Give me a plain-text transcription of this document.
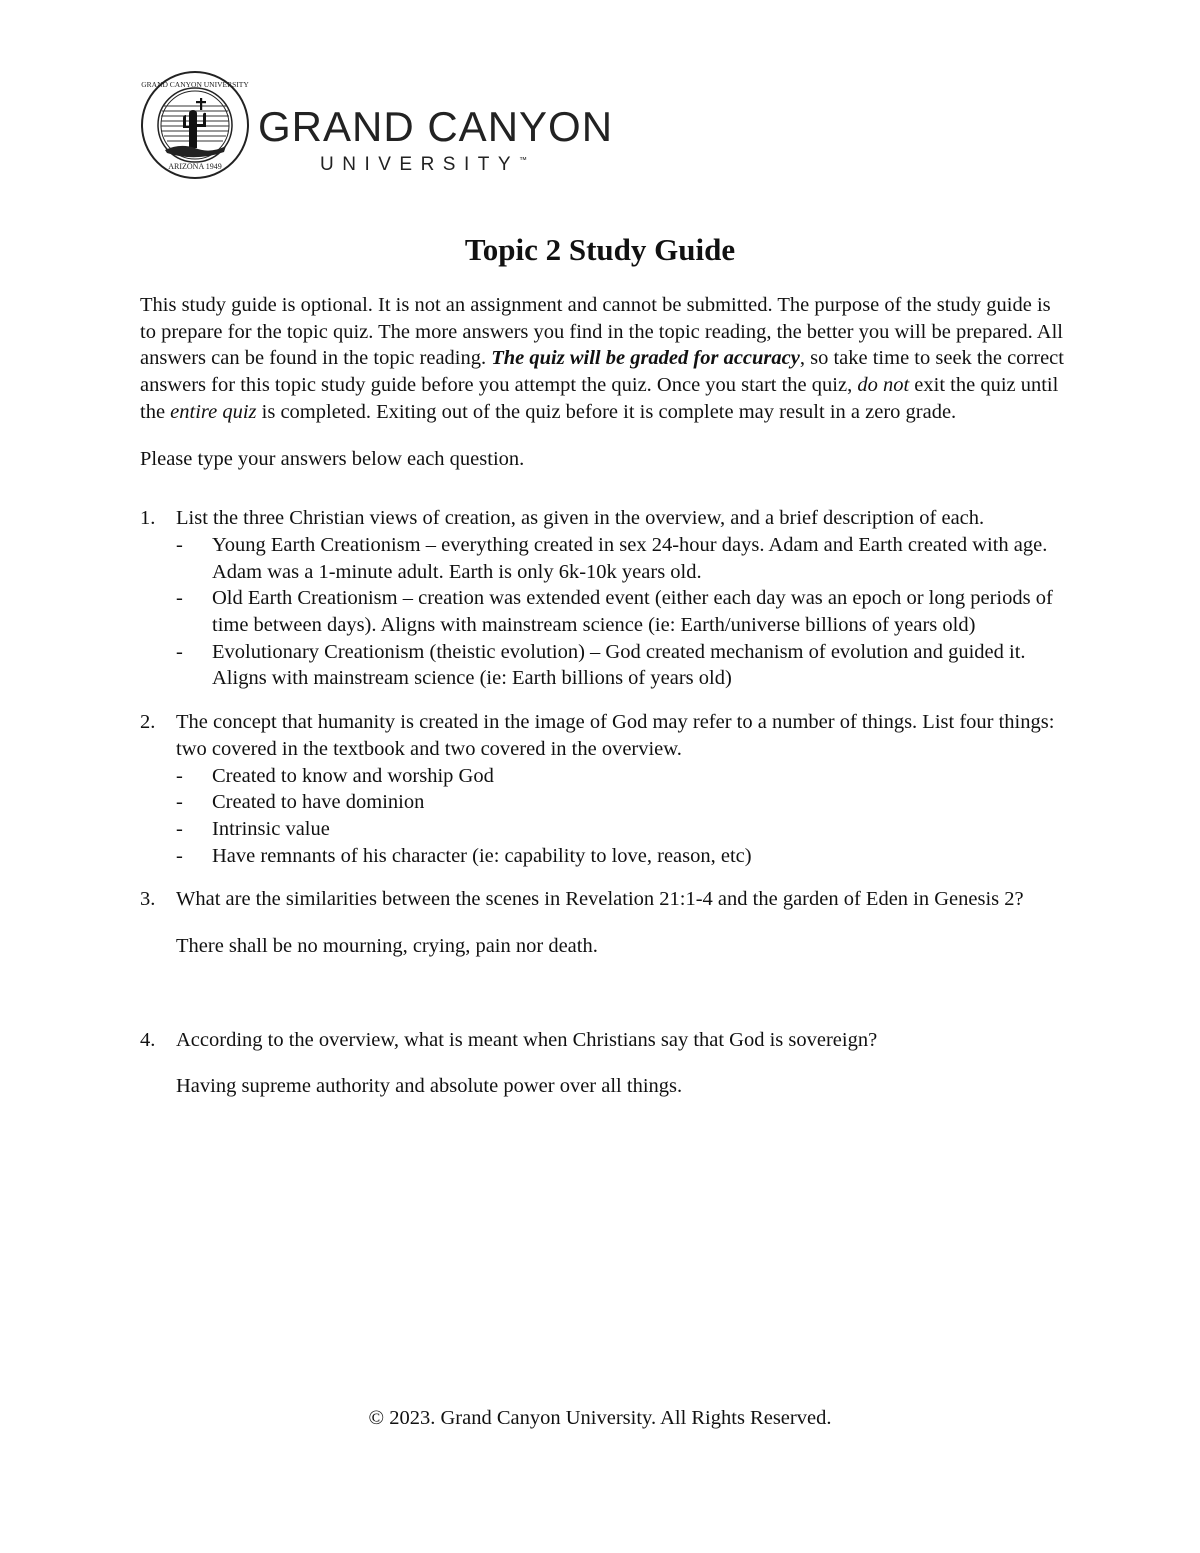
ARIZONA 1949
GRAND CANYON UNIVERSITY
GRAND CANYON
UNIVERSITY™
Topic 2 Study Guide

This study guide is optional. It is not an assignment and cannot be submitted. The purpose of the study guide is to prepare for the topic quiz. The more answers you find in the topic reading, the better you will be prepared. All answers can be found in the topic reading. The quiz will be graded for accuracy, so take time to seek the correct answers for this topic study guide before you attempt the quiz. Once you start the quiz, do not exit the quiz until the entire quiz is completed. Exiting out of the quiz before it is complete may result in a zero grade.

Please type your answers below each question.

1. List the three Christian views of creation, as given in the overview, and a brief description of each.
- Young Earth Creationism – everything created in sex 24-hour days. Adam and Earth created with age. Adam was a 1-minute adult. Earth is only 6k-10k years old.
- Old Earth Creationism – creation was extended event (either each day was an epoch or long periods of time between days). Aligns with mainstream science (ie: Earth/universe billions of years old)
- Evolutionary Creationism (theistic evolution) – God created mechanism of evolution and guided it. Aligns with mainstream science (ie: Earth billions of years old)
2. The concept that humanity is created in the image of God may refer to a number of things. List four things: two covered in the textbook and two covered in the overview.
- Created to know and worship God
- Created to have dominion
- Intrinsic value
- Have remnants of his character (ie: capability to love, reason, etc)
3. What are the similarities between the scenes in Revelation 21:1-4 and the garden of Eden in Genesis 2?
There shall be no mourning, crying, pain nor death.
4. According to the overview, what is meant when Christians say that God is sovereign?
Having supreme authority and absolute power over all things.
© 2023. Grand Canyon University. All Rights Reserved.
